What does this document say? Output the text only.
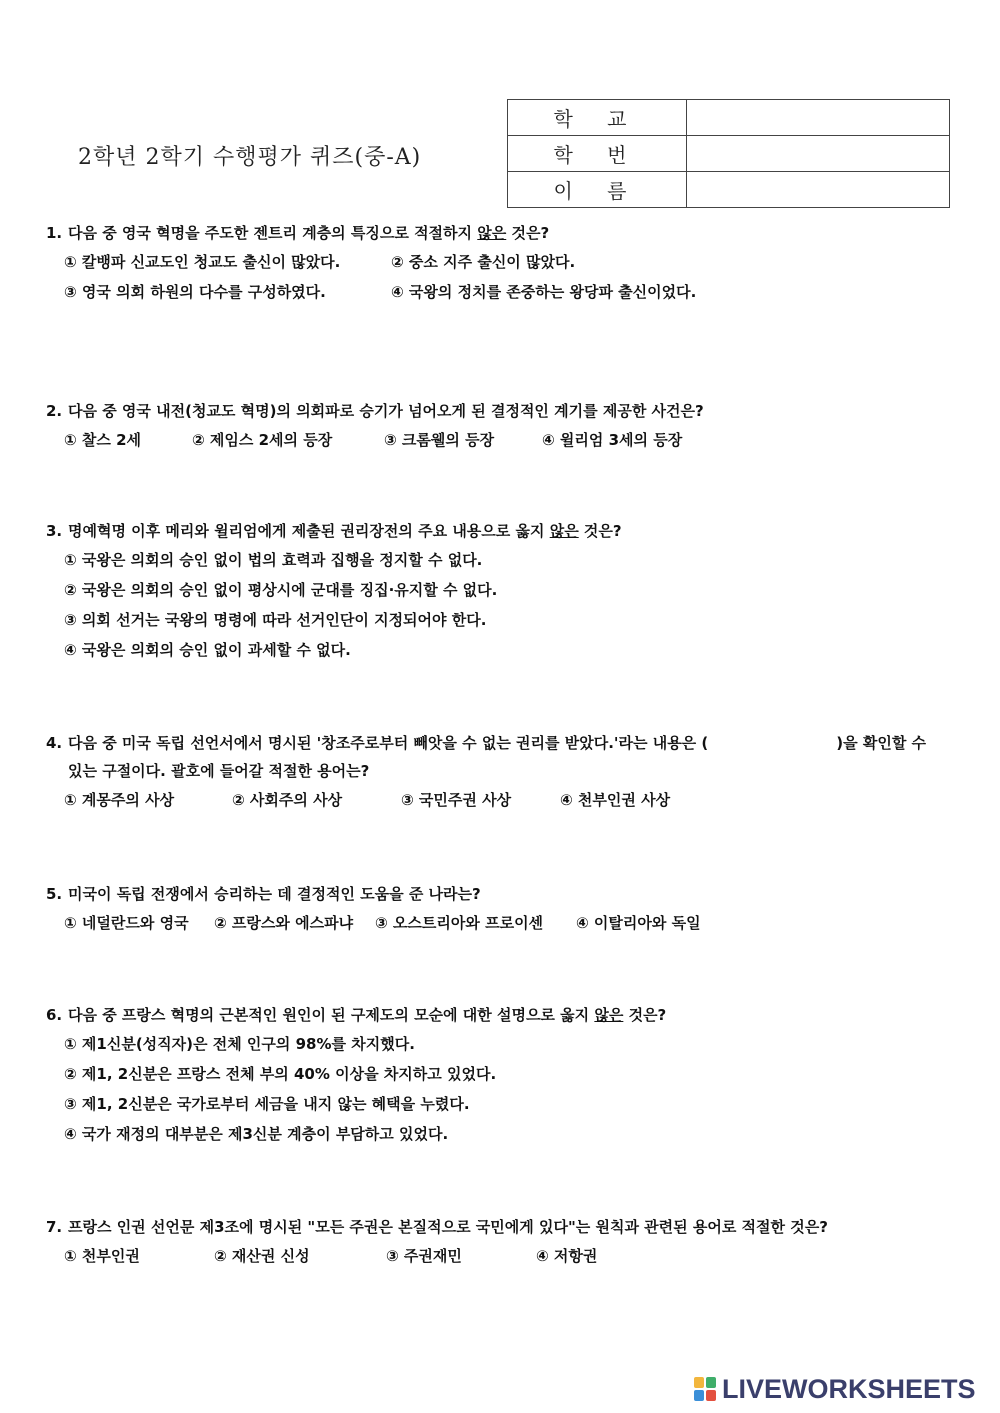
2학년 2학기 수행평가 퀴즈(중-A)
학 교	
학 번	
이 름	
1. 다음 중 영국 혁명을 주도한 젠트리 계층의 특징으로 적절하지 않은 것은?
① 칼뱅파 신교도인 청교도 출신이 많았다.	② 중소 지주 출신이 많았다.
③ 영국 의회 하원의 다수를 구성하였다.	④ 국왕의 정치를 존중하는 왕당파 출신이었다.
2. 다음 중 영국 내전(청교도 혁명)의 의회파로 승기가 넘어오게 된 결정적인 계기를 제공한 사건은?
① 찰스 2세	② 제임스 2세의 등장	③ 크롬웰의 등장	④ 윌리엄 3세의 등장
3. 명예혁명 이후 메리와 윌리엄에게 제출된 권리장전의 주요 내용으로 옳지 않은 것은?
① 국왕은 의회의 승인 없이 법의 효력과 집행을 정지할 수 없다.
② 국왕은 의회의 승인 없이 평상시에 군대를 징집·유지할 수 없다.
③ 의회 선거는 국왕의 명령에 따라 선거인단이 지정되어야 한다.
④ 국왕은 의회의 승인 없이 과세할 수 없다.
4. 다음 중 미국 독립 선언서에서 명시된 '창조주로부터 빼앗을 수 없는 권리를 받았다.'라는 내용은 (	)을 확인할 수
있는 구절이다. 괄호에 들어갈 적절한 용어는?
① 계몽주의 사상	② 사회주의 사상	③ 국민주권 사상	④ 천부인권 사상
5. 미국이 독립 전쟁에서 승리하는 데 결정적인 도움을 준 나라는?
① 네덜란드와 영국 ② 프랑스와 에스파냐 ③ 오스트리아와 프로이센 ④ 이탈리아와 독일
6. 다음 중 프랑스 혁명의 근본적인 원인이 된 구제도의 모순에 대한 설명으로 옳지 않은 것은?
① 제1신분(성직자)은 전체 인구의 98%를 차지했다.
② 제1, 2신분은 프랑스 전체 부의 40% 이상을 차지하고 있었다.
③ 제1, 2신분은 국가로부터 세금을 내지 않는 혜택을 누렸다.
④ 국가 재정의 대부분은 제3신분 계층이 부담하고 있었다.
7. 프랑스 인권 선언문 제3조에 명시된 "모든 주권은 본질적으로 국민에게 있다"는 원칙과 관련된 용어로 적절한 것은?
① 천부인권	② 재산권 신성	③ 주권재민	④ 저항권
LIVEWORKSHEETS
